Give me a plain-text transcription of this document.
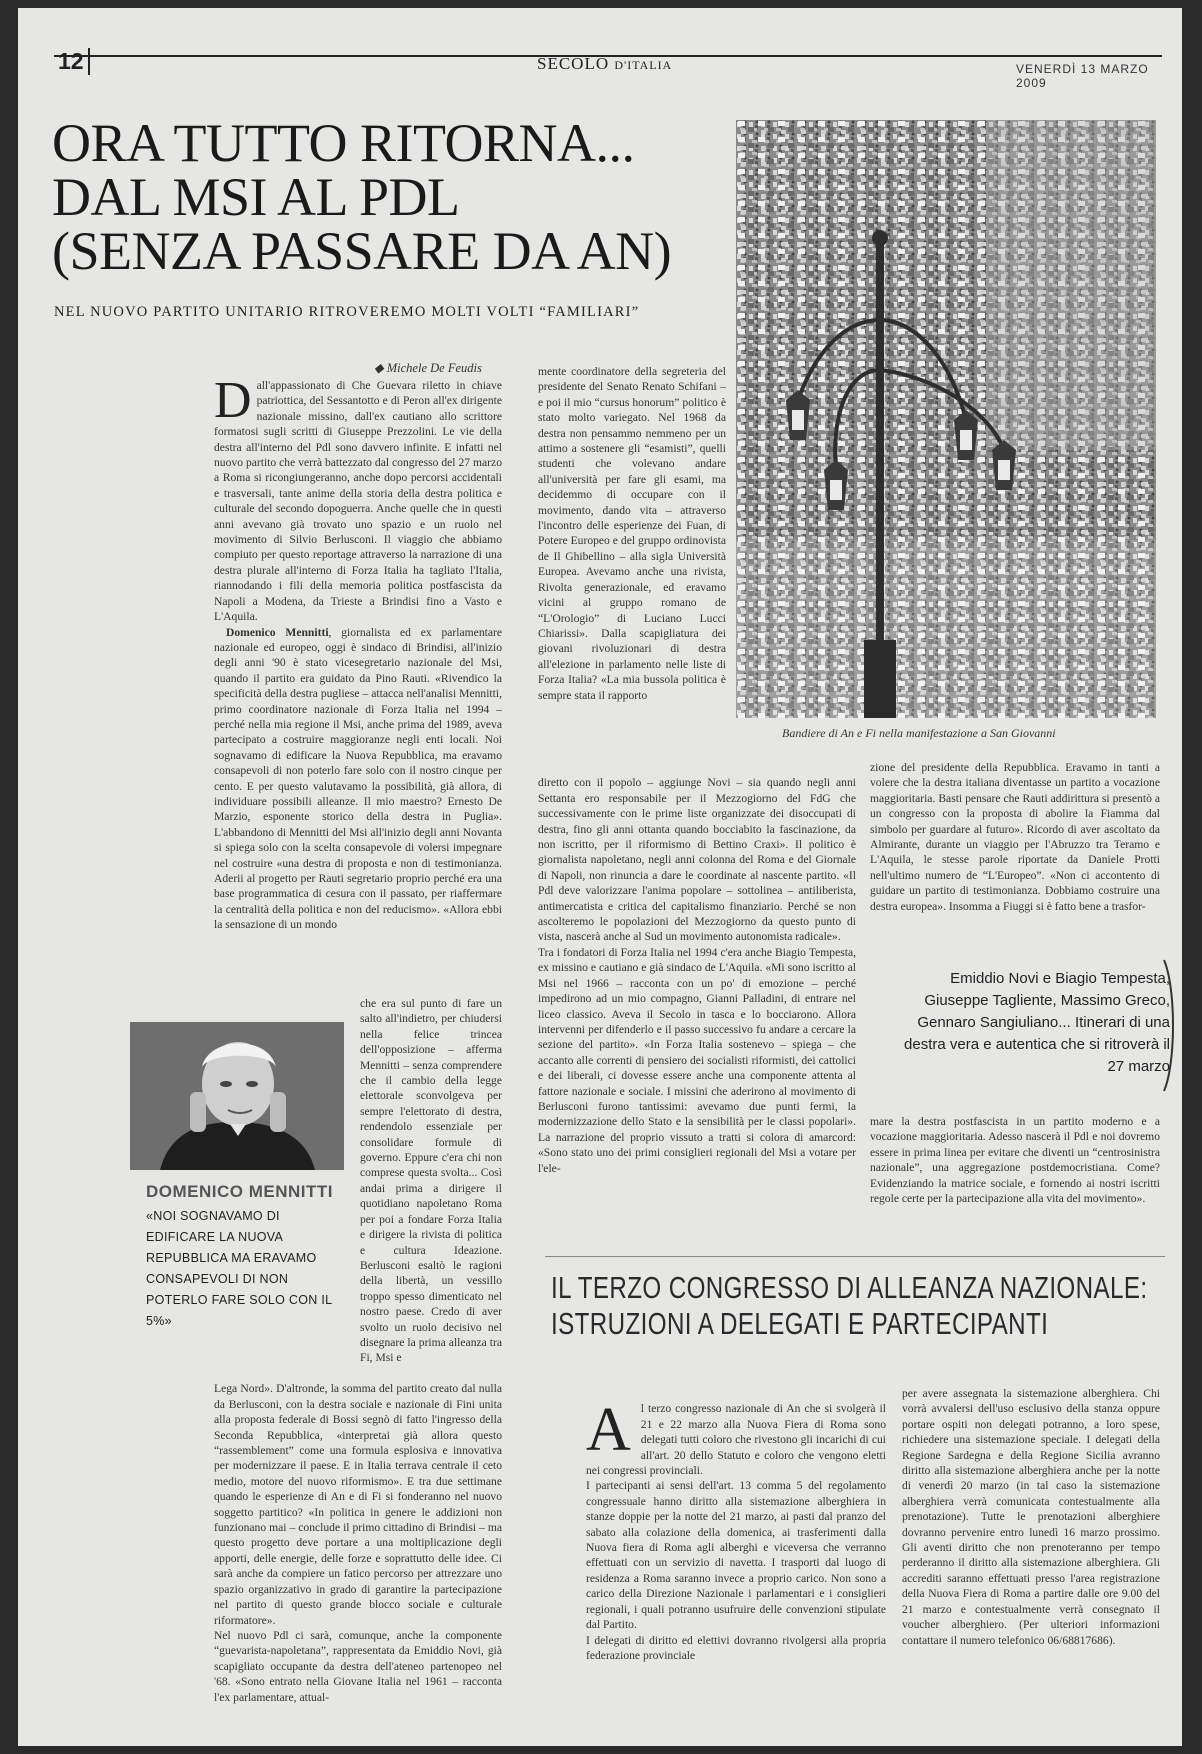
12	SECOLO D'ITALIA	VENERDÌ 13 MARZO 2009
ORA TUTTO RITORNA...
DAL MSI AL PDL
(SENZA PASSARE DA AN)

NEL NUOVO PARTITO UNITARIO RITROVEREMO MOLTI VOLTI “FAMILIARI”

Bandiere di An e Fi nella manifestazione a San Giovanni
◆ Michele De Feudis

Dall'appassionato di Che Guevara riletto in chiave patriottica, del Sessantotto e di Peron all'ex dirigente nazionale missino, dall'ex cautiano allo scrittore formatosi sugli scritti di Giuseppe Prezzolini. Le vie della destra all'interno del Pdl sono davvero infinite. E infatti nel nuovo partito che verrà battezzato dal congresso del 27 marzo a Roma si ricongiungeranno, anche dopo percorsi accidentali e trasversali, tante anime della storia della destra politica e culturale del secondo dopoguerra. Anche quelle che in questi anni avevano già trovato uno spazio e un ruolo nel movimento di Silvio Berlusconi. Il viaggio che abbiamo compiuto per questo reportage attraverso la narrazione di una destra plurale all'interno di Forza Italia ha tagliato l'Italia, riannodando i fili della memoria politica postfascista da Napoli a Modena, da Trieste a Brindisi fino a Vasto e L'Aquila.

Domenico Mennitti, giornalista ed ex parlamentare nazionale ed europeo, oggi è sindaco di Brindisi, all'inizio degli anni '90 è stato vicesegretario nazionale del Msi, quando il partito era guidato da Pino Rauti. «Rivendico la specificità della destra pugliese – attacca nell'analisi Mennitti, primo coordinatore nazionale di Forza Italia nel 1994 – perché nella mia regione il Msi, anche prima del 1989, aveva partecipato a costruire maggioranze negli enti locali. Noi sognavamo di edificare la Nuova Repubblica, ma eravamo consapevoli di non poterlo fare solo con il nostro cinque per cento. E per questo valutavamo la possibilità, già allora, di individuare possibili alleanze. Il mio maestro? Ernesto De Marzio, esponente storico della destra in Puglia». L'abbandono di Mennitti del Msi all'inizio degli anni Novanta si spiega solo con la scelta consapevole di volersi impegnare nel costruire «una destra di proposta e non di testimonianza. Aderii al progetto per Rauti segretario proprio perché era una base programmatica di cesura con il passato, per riaffermare la centralità della politica e non del reducismo». «Allora ebbi la sensazione di un mondo

che era sul punto di fare un salto all'indietro, per chiudersi nella felice trincea dell'opposizione – afferma Mennitti – senza comprendere che il cambio della legge elettorale sconvolgeva per sempre l'elettorato di destra, rendendolo essenziale per consolidare formule di governo. Eppure c'era chi non comprese questa svolta... Così andai prima a dirigere il quotidiano napoletano Roma per poi a fondare Forza Italia e dirigere la rivista di politica e cultura Ideazione. Berlusconi esaltò le ragioni della libertà, un vessillo troppo spesso dimenticato nel nostro paese. Credo di aver svolto un ruolo decisivo nel disegnare la prima alleanza tra Fi, Msi e

Lega Nord». D'altronde, la somma del partito creato dal nulla da Berlusconi, con la destra sociale e nazionale di Fini unita alla proposta federale di Bossi segnò di fatto l'ingresso della Seconda Repubblica, «interpretai già allora questo “rassemblement” come una formula esplosiva e innovativa per modernizzare il paese. E in Italia terrava centrale il ceto medio, motore del nuovo riformismo». E tra due settimane quando le esperienze di An e di Fi si fonderanno nel nuovo soggetto partitico? «In politica in genere le addizioni non funzionano mai – conclude il primo cittadino di Brindisi – ma questo progetto deve portare a una moltiplicazione degli apporti, delle energie, delle forze e soprattutto delle idee. Ci sarà anche da compiere un fatico percorso per attrezzare uno spazio organizzativo in grado di garantire la partecipazione nel partito di questo grande blocco sociale e culturale riformatore».
Nel nuovo Pdl ci sarà, comunque, anche la componente “guevarista-napoletana”, rappresentata da Emiddio Novi, già scapigliato occupante da destra dell'ateneo partenopeo nel '68. «Sono entrato nella Giovane Italia nel 1961 – racconta l'ex parlamentare, attual-

mente coordinatore della segreteria del presidente del Senato Renato Schifani – e poi il mio “cursus honorum” politico è stato molto variegato. Nel 1968 da destra non pensammo nemmeno per un attimo a sostenere gli “esamisti”, quelli studenti che volevano andare all'università per fare gli esami, ma decidemmo di occupare con il movimento, dando vita – attraverso l'incontro delle esperienze dei Fuan, di Potere Europeo e del gruppo ordinovista de Il Ghibellino – alla sigla Università Europea. Avevamo anche una rivista, Rivolta generazionale, ed eravamo vicini al gruppo romano de “L'Orologio” di Luciano Lucci Chiarissi». Dalla scapigliatura dei giovani rivoluzionari di destra all'elezione in parlamento nelle liste di Forza Italia? «La mia bussola politica è sempre stata il rapporto

diretto con il popolo – aggiunge Novi – sia quando negli anni Settanta ero responsabile per il Mezzogiorno del FdG che successivamente con le prime liste organizzate dei disoccupati di destra, fino gli anni ottanta quando bocciabito la fascinazione, da non iscritto, per il riformismo di Bettino Craxi». Il politico è giornalista napoletano, negli anni colonna del Roma e del Giornale di Napoli, non rinuncia a dare le coordinate al nascente partito. «Il Pdl deve valorizzare l'anima popolare – sottolinea – antiliberista, antimercatista e critica del capitalismo finanziario. Perché se non ascolteremo le popolazioni del Mezzogiorno da questo punto di vista, nascerà anche al Sud un movimento autonomista radicale».
Tra i fondatori di Forza Italia nel 1994 c'era anche Biagio Tempesta, ex missino e cautiano e già sindaco de L'Aquila. «Mi sono iscritto al Msi nel 1966 – racconta con un po' di emozione – perché impedirono ad un mio compagno, Gianni Palladini, di entrare nel liceo classico. Aveva il Secolo in tasca e lo bocciarono. Allora intervenni per difenderlo e il passo successivo fu andare a cercare la sezione del partito». «In Forza Italia sostenevo – spiega – che accanto alle correnti di pensiero dei socialisti riformisti, dei cattolici e dei liberali, ci dovesse essere anche una componente attenta al fattore nazionale e sociale. I missini che aderirono al movimento di Berlusconi furono tantissimi: avevamo due punti fermi, la modernizzazione dello Stato e la sensibilità per le classi popolari». La narrazione del proprio vissuto a tratti si colora di amarcord: «Sono stato uno dei primi consiglieri regionali del Msi a votare per l'ele-

zione del presidente della Repubblica. Eravamo in tanti a volere che la destra italiana diventasse un partito a vocazione maggioritaria. Basti pensare che Rauti addirittura si presentò a un congresso con la proposta di abolire la Fiamma dal simbolo per guardare al futuro». Ricordo di aver ascoltato da Almirante, durante un viaggio per l'Abruzzo tra Teramo e L'Aquila, le stesse parole riportate da Daniele Protti nell'ultimo numero de “L'Europeo”. «Non ci accontento di guidare un partito di testimonianza. Dobbiamo costruire una destra europea». Insomma a Fiuggi si è fatto bene a trasfor-

Emiddio Novi e Biagio Tempesta, Giuseppe Tagliente, Massimo Greco, Gennaro Sangiuliano... Itinerari di una destra vera e autentica che si ritroverà il 27 marzo

mare la destra postfascista in un partito moderno e a vocazione maggioritaria. Adesso nascerà il Pdl e noi dovremo essere in prima linea per evitare che diventi un “centrosinistra nazionale”, una aggregazione postdemocristiana. Come? Evidenziando la matrice sociale, e fornendo ai nostri iscritti regole certe per la partecipazione alla vita del movimento».

DOMENICO MENNITTI

«NOI SOGNAVAMO DI EDIFICARE LA NUOVA REPUBBLICA MA ERAVAMO CONSAPEVOLI DI NON POTERLO FARE SOLO CON IL 5%»

IL TERZO CONGRESSO DI ALLEANZA NAZIONALE: ISTRUZIONI A DELEGATI E PARTECIPANTI

Al terzo congresso nazionale di An che si svolgerà il 21 e 22 marzo alla Nuova Fiera di Roma sono delegati tutti coloro che rivestono gli incarichi di cui all'art. 20 dello Statuto e coloro che vengono eletti nei congressi provinciali.
I partecipanti ai sensi dell'art. 13 comma 5 del regolamento congressuale hanno diritto alla sistemazione alberghiera in stanze doppie per la notte del 21 marzo, ai pasti dal pranzo del sabato alla colazione della domenica, ai trasferimenti dalla Nuova fiera di Roma agli alberghi e viceversa che verranno effettuati con un servizio di navetta. I trasporti dal luogo di residenza a Roma saranno invece a proprio carico. Non sono a carico della Direzione Nazionale i parlamentari e i consiglieri regionali, i quali potranno usufruire delle convenzioni stipulate dal Partito.
I delegati di diritto ed elettivi dovranno rivolgersi alla propria federazione provinciale

per avere assegnata la sistemazione alberghiera. Chi vorrà avvalersi dell'uso esclusivo della stanza oppure portare ospiti non delegati potranno, a loro spese, richiedere una sistemazione speciale. I delegati della Regione Sardegna e della Regione Sicilia avranno diritto alla sistemazione alberghiera anche per la notte di venerdì 20 marzo (in tal caso la sistemazione alberghiera verrà comunicata contestualmente alla prenotazione). Tutte le prenotazioni alberghiere dovranno pervenire entro lunedì 16 marzo prossimo. Gli aventi diritto che non prenoteranno per tempo perderanno il diritto alla sistemazione alberghiera. Gli accrediti saranno effettuati presso l'area registrazione della Nuova Fiera di Roma a partire dalle ore 9.00 del 21 marzo e contestualmente verrà consegnato il voucher alberghiero. (Per ulteriori informazioni contattare il numero telefonico 06/68817686).
